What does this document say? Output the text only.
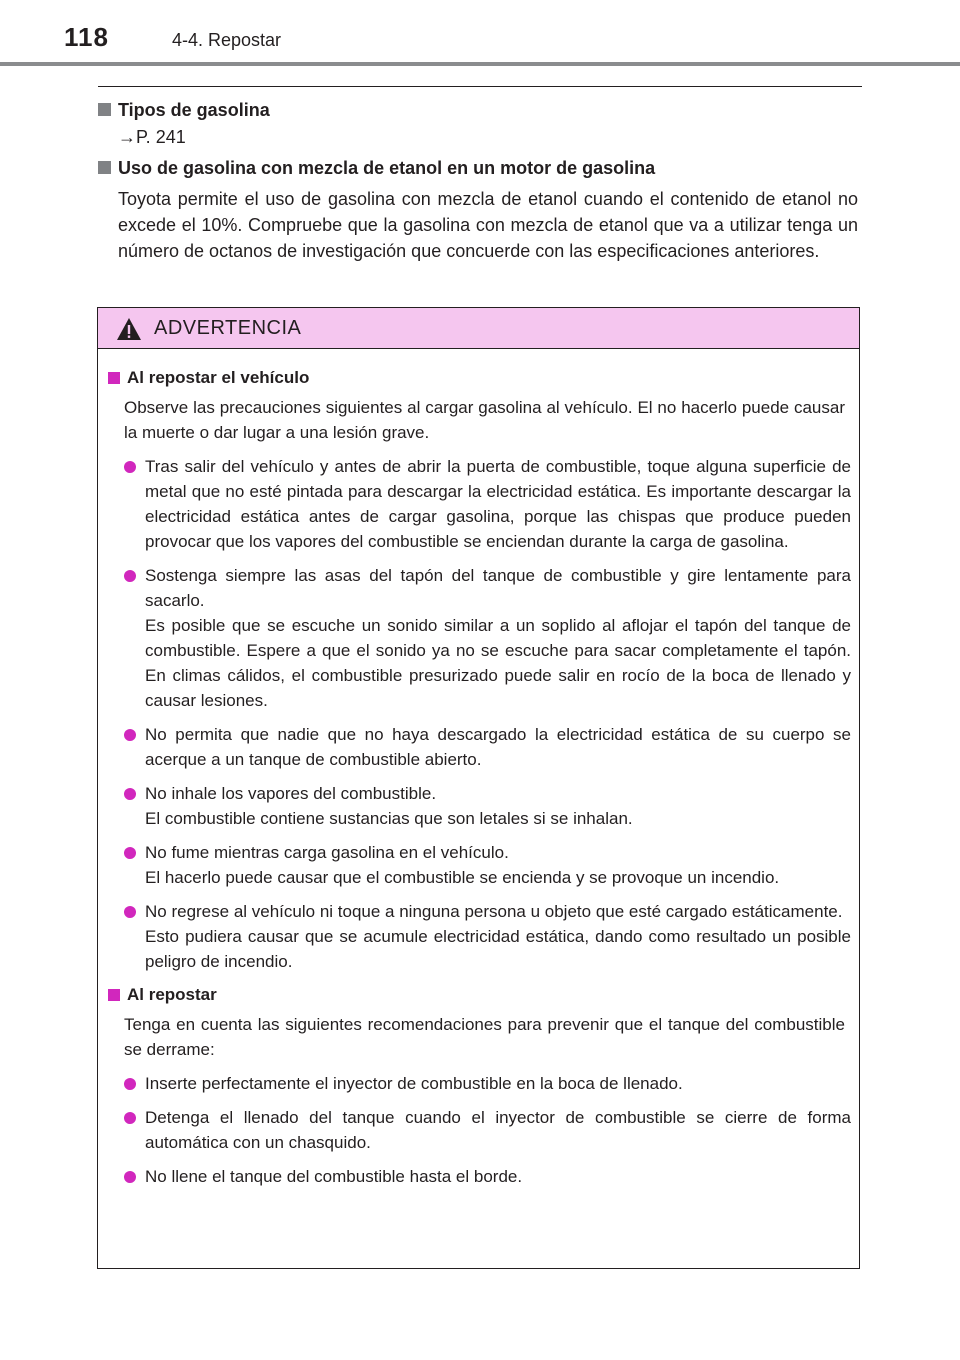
118	4-4. Repostar
Tipos de gasolina
→P. 241
Uso de gasolina con mezcla de etanol en un motor de gasolina
Toyota permite el uso de gasolina con mezcla de etanol cuando el contenido de etanol no excede el 10%. Compruebe que la gasolina con mezcla de etanol que va a utilizar tenga un número de octanos de investigación que concuerde con las especificaciones anteriores.
ADVERTENCIA
Al repostar el vehículo
Observe las precauciones siguientes al cargar gasolina al vehículo. El no hacerlo puede causar la muerte o dar lugar a una lesión grave.
Tras salir del vehículo y antes de abrir la puerta de combustible, toque alguna superficie de metal que no esté pintada para descargar la electricidad estática. Es importante descargar la electricidad estática antes de cargar gasolina, porque las chispas que produce pueden provocar que los vapores del combustible se enciendan durante la carga de gasolina.
Sostenga siempre las asas del tapón del tanque de combustible y gire lentamente para sacarlo.
Es posible que se escuche un sonido similar a un soplido al aflojar el tapón del tanque de combustible. Espere a que el sonido ya no se escuche para sacar completamente el tapón. En climas cálidos, el combustible presurizado puede salir en rocío de la boca de llenado y causar lesiones.
No permita que nadie que no haya descargado la electricidad estática de su cuerpo se acerque a un tanque de combustible abierto.
No inhale los vapores del combustible.
El combustible contiene sustancias que son letales si se inhalan.
No fume mientras carga gasolina en el vehículo.
El hacerlo puede causar que el combustible se encienda y se provoque un incendio.
No regrese al vehículo ni toque a ninguna persona u objeto que esté cargado estáticamente.
Esto pudiera causar que se acumule electricidad estática, dando como resultado un posible peligro de incendio.
Al repostar
Tenga en cuenta las siguientes recomendaciones para prevenir que el tanque del combustible se derrame:
Inserte perfectamente el inyector de combustible en la boca de llenado.
Detenga el llenado del tanque cuando el inyector de combustible se cierre de forma automática con un chasquido.
No llene el tanque del combustible hasta el borde.
